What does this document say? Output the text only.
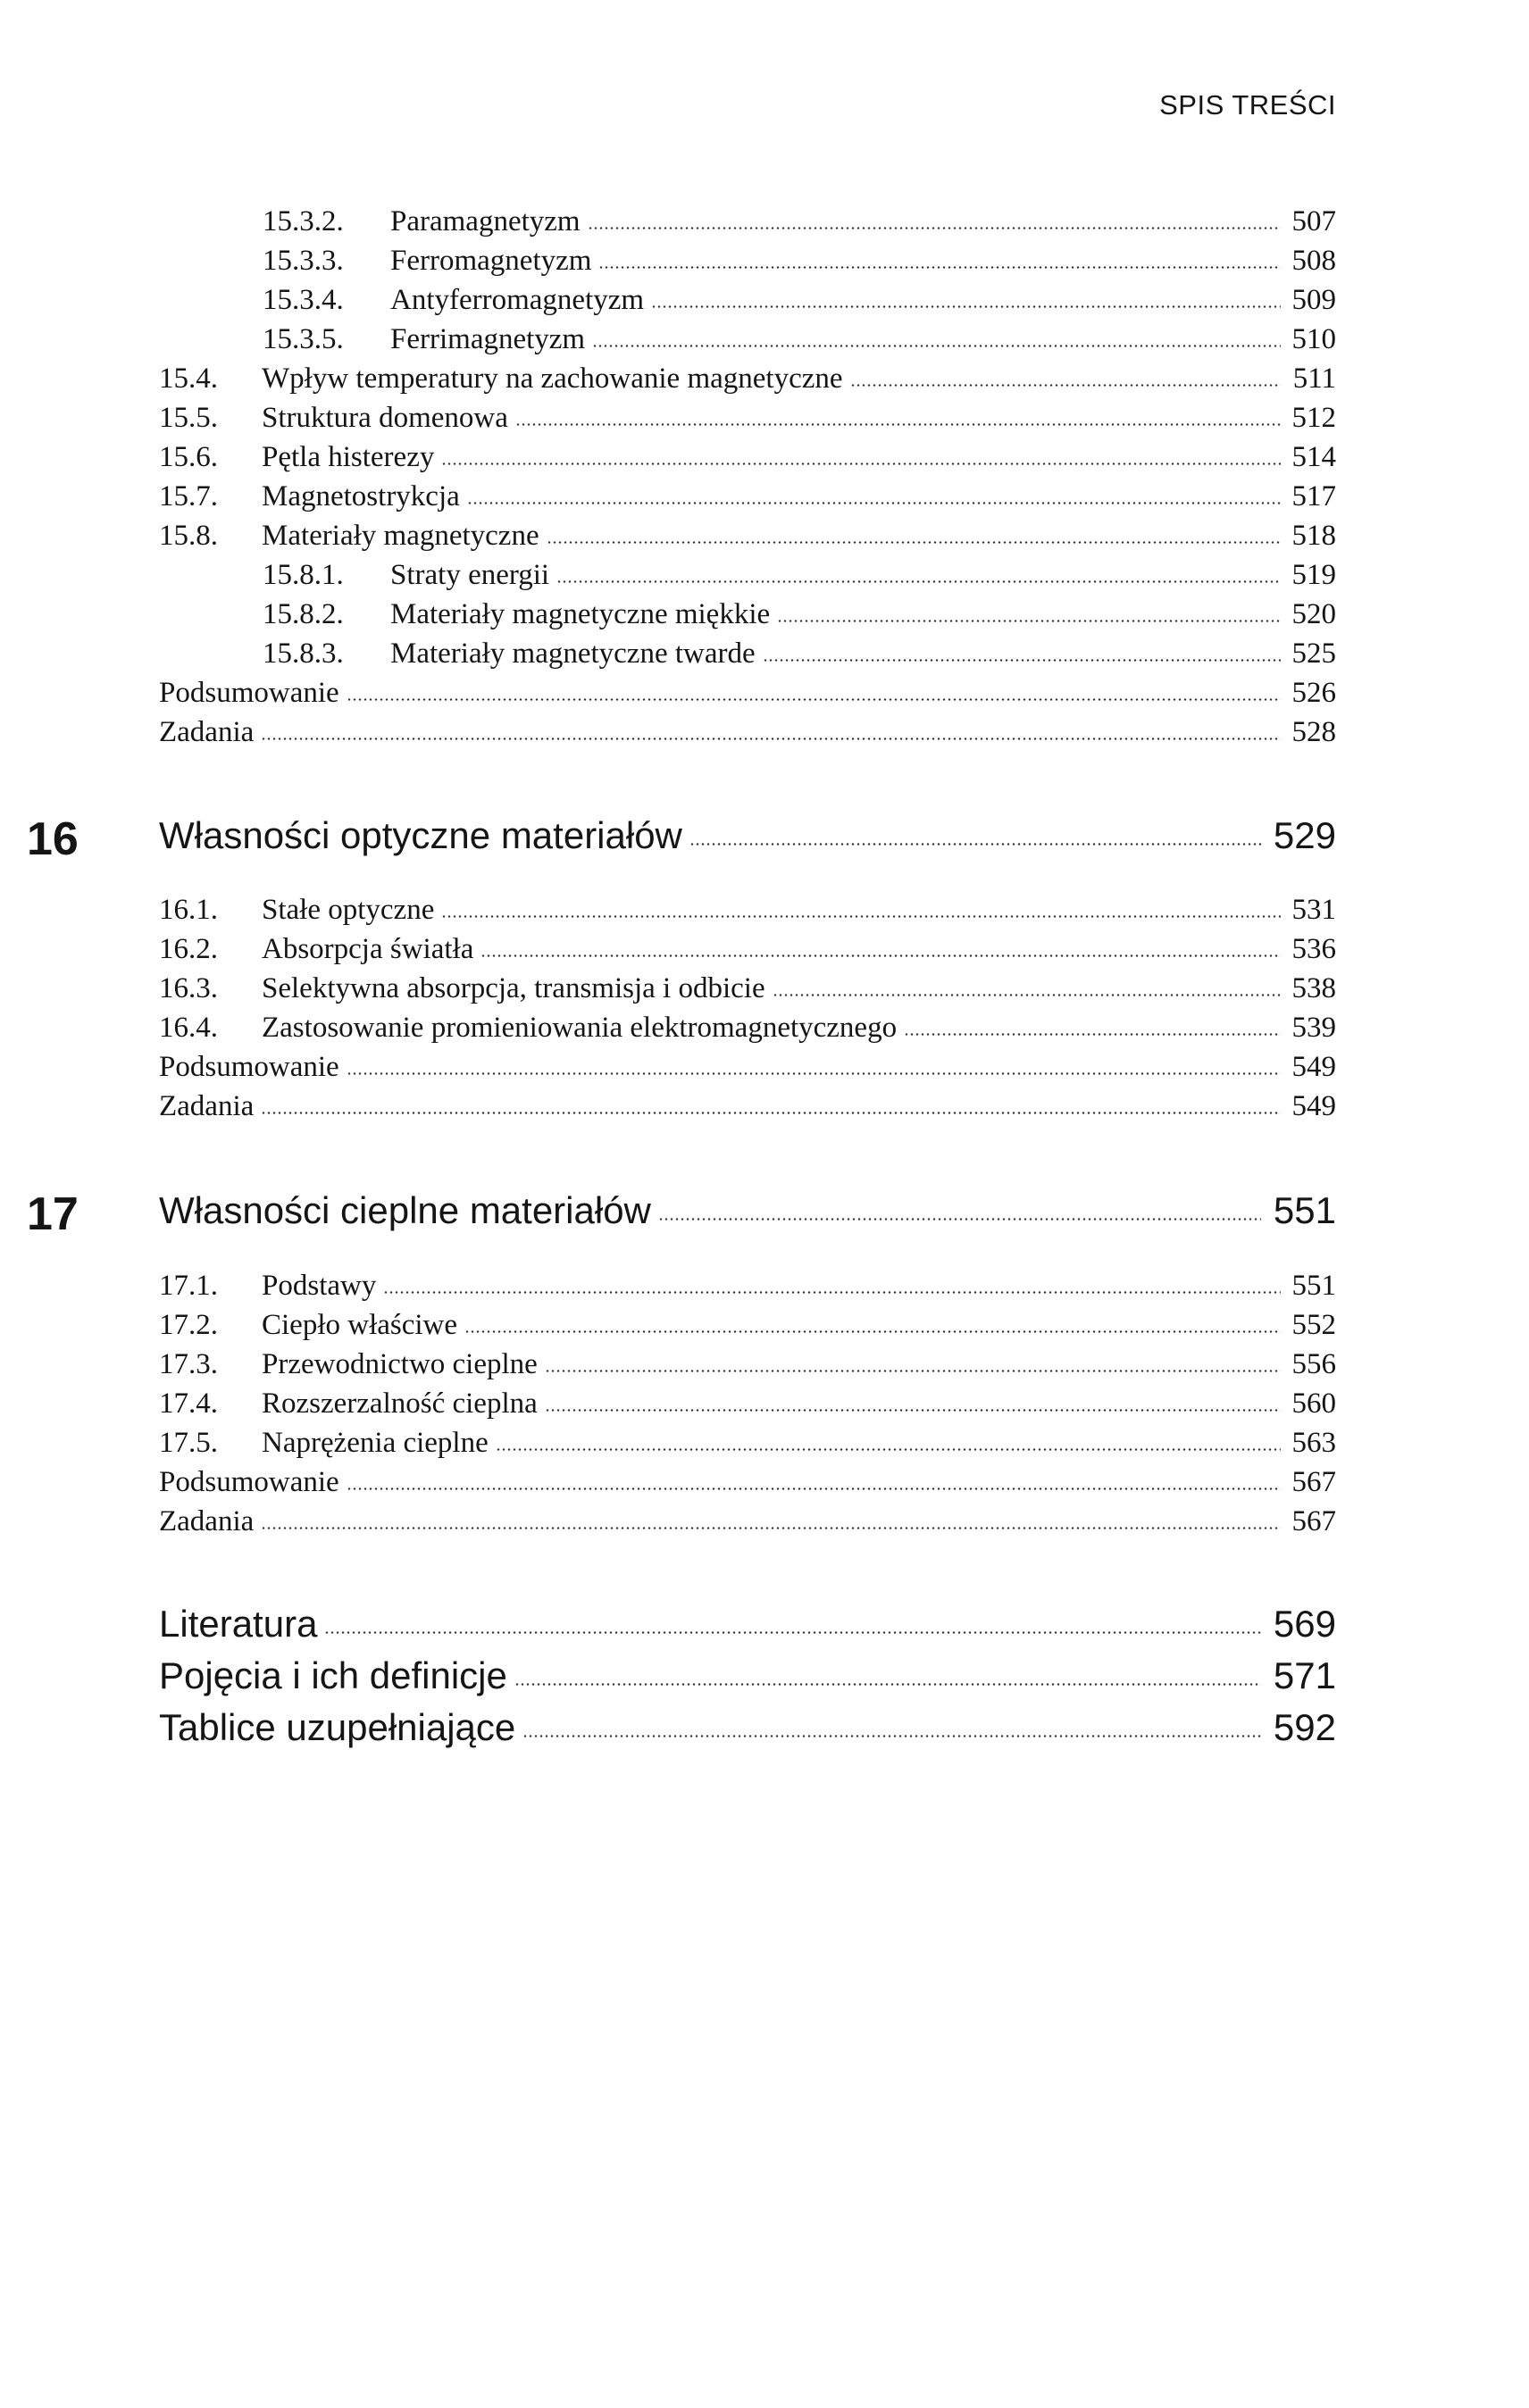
SPIS TREŚCI
15.3.2.	Paramagnetyzm	507
15.3.3.	Ferromagnetyzm	508
15.3.4.	Antyferromagnetyzm	509
15.3.5.	Ferrimagnetyzm	510
15.4.	Wpływ temperatury na zachowanie magnetyczne	511
15.5.	Struktura domenowa	512
15.6.	Pętla histerezy	514
15.7.	Magnetostrykcja	517
15.8.	Materiały magnetyczne	518
15.8.1.	Straty energii	519
15.8.2.	Materiały magnetyczne miękkie	520
15.8.3.	Materiały magnetyczne twarde	525
Podsumowanie	526
Zadania	528
16 Własności optyczne materiałów	529
16.1.	Stałe optyczne	531
16.2.	Absorpcja światła	536
16.3.	Selektywna absorpcja, transmisja i odbicie	538
16.4.	Zastosowanie promieniowania elektromagnetycznego	539
Podsumowanie	549
Zadania	549
17 Własności cieplne materiałów	551
17.1.	Podstawy	551
17.2.	Ciepło właściwe	552
17.3.	Przewodnictwo cieplne	556
17.4.	Rozszerzalność cieplna	560
17.5.	Naprężenia cieplne	563
Podsumowanie	567
Zadania	567
Literatura	569
Pojęcia i ich definicje	571
Tablice uzupełniające	592
